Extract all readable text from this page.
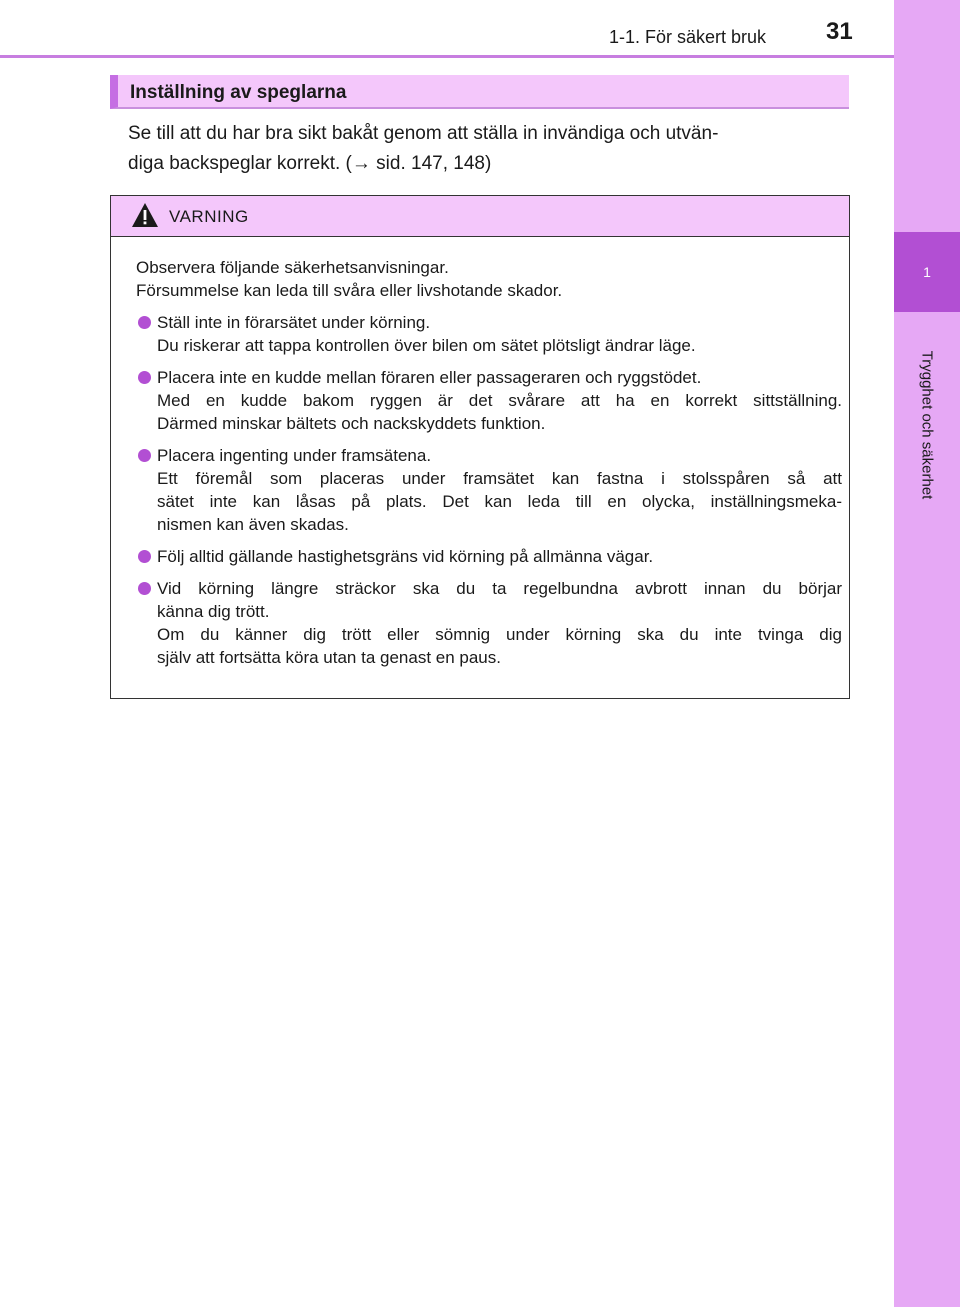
1
Trygghet och säkerhet
1-1. För säkert bruk 31
Inställning av speglarna
Se till att du har bra sikt bakåt genom att ställa in invändiga och utvän-
diga backspeglar korrekt. (→ sid. 147, 148)
VARNING
Observera följande säkerhetsanvisningar.
Försummelse kan leda till svåra eller livshotande skador.
Ställ inte in förarsätet under körning.
Du riskerar att tappa kontrollen över bilen om sätet plötsligt ändrar läge.
Placera inte en kudde mellan föraren eller passageraren och ryggstödet.
Med en kudde bakom ryggen är det svårare att ha en korrekt sittställning.
Därmed minskar bältets och nackskyddets funktion.
Placera ingenting under framsätena.
Ett föremål som placeras under framsätet kan fastna i stolsspåren så att
sätet inte kan låsas på plats. Det kan leda till en olycka, inställningsmeka-
nismen kan även skadas.
Följ alltid gällande hastighetsgräns vid körning på allmänna vägar.
Vid körning längre sträckor ska du ta regelbundna avbrott innan du börjar
känna dig trött.
Om du känner dig trött eller sömnig under körning ska du inte tvinga dig
själv att fortsätta köra utan ta genast en paus.
